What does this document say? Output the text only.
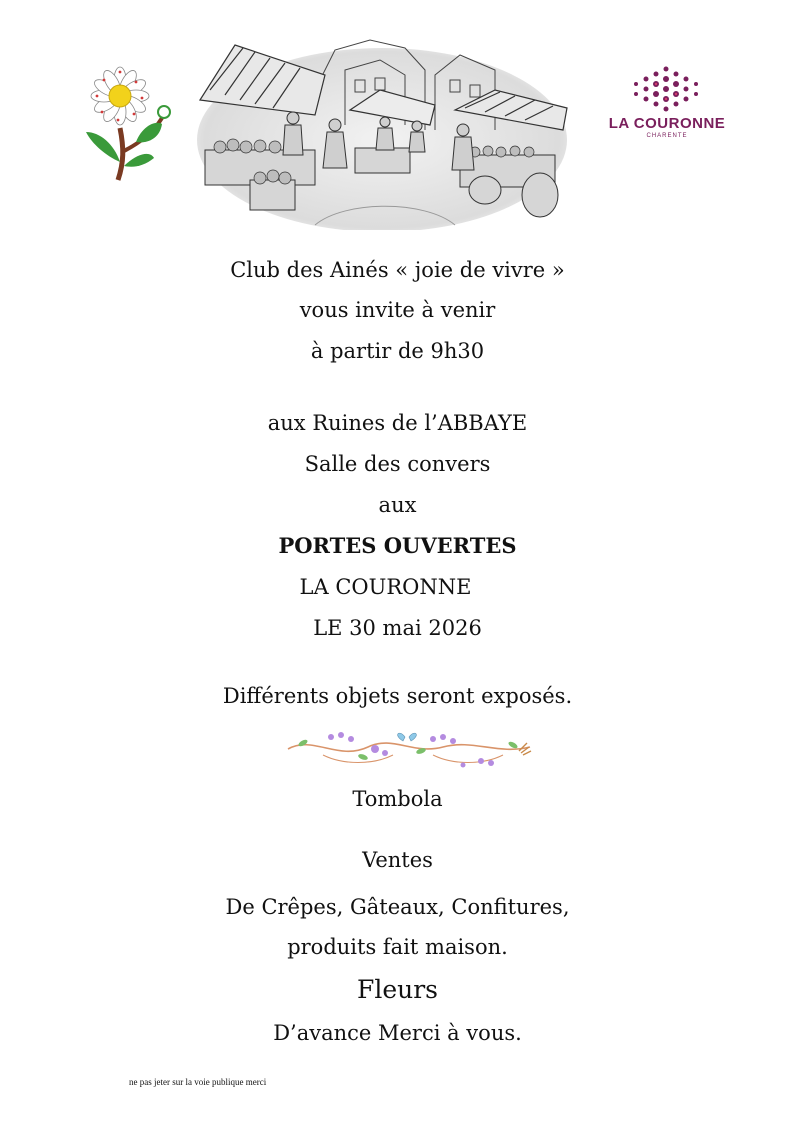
LA COURONNE
CHARENTE
Club des Ainés « joie de vivre »
vous invite à venir
à partir de 9h30
aux Ruines de l’ABBAYE
Salle des convers
aux
PORTES OUVERTES
LA COURONNE
LE 30 mai 2026
Différents objets seront exposés.
Tombola
Ventes
De Crêpes, Gâteaux, Confitures,
produits fait maison.
Fleurs
D’avance Merci à vous.
ne pas jeter sur la voie publique merci
